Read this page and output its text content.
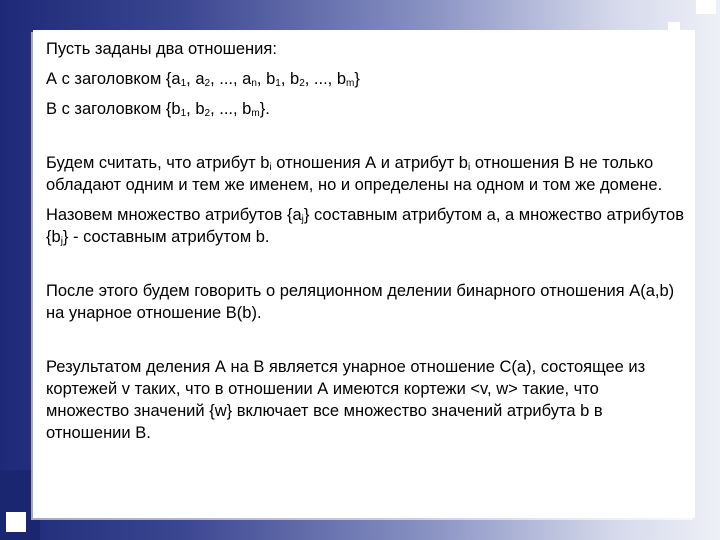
Пусть заданы два отношения:

А с заголовком {$a_1$, $a_2$, ..., $a_n$, $b_1$, $b_2$, ..., $b_m$}

В с заголовком {$b_1$, $b_2$, ..., $b_m$}.

Будем считать, что атрибут $b_i$ отношения А и атрибут $b_i$ отношения В не только обладают одним и тем же именем, но и определены на одном и том же домене.

Назовем множество атрибутов $\{a_j\}$ составным атрибутом a, а множество атрибутов $\{b_j\}$ - составным атрибутом b.

После этого будем говорить о реляционном делении бинарного отношения A(a,b) на унарное отношение B(b).

Результатом деления А на В является унарное отношение C(a), состоящее из кортежей v таких, что в отношении А имеются кортежи <v, w> такие, что множество значений {w} включает все множество значений атрибута b в отношении B.
